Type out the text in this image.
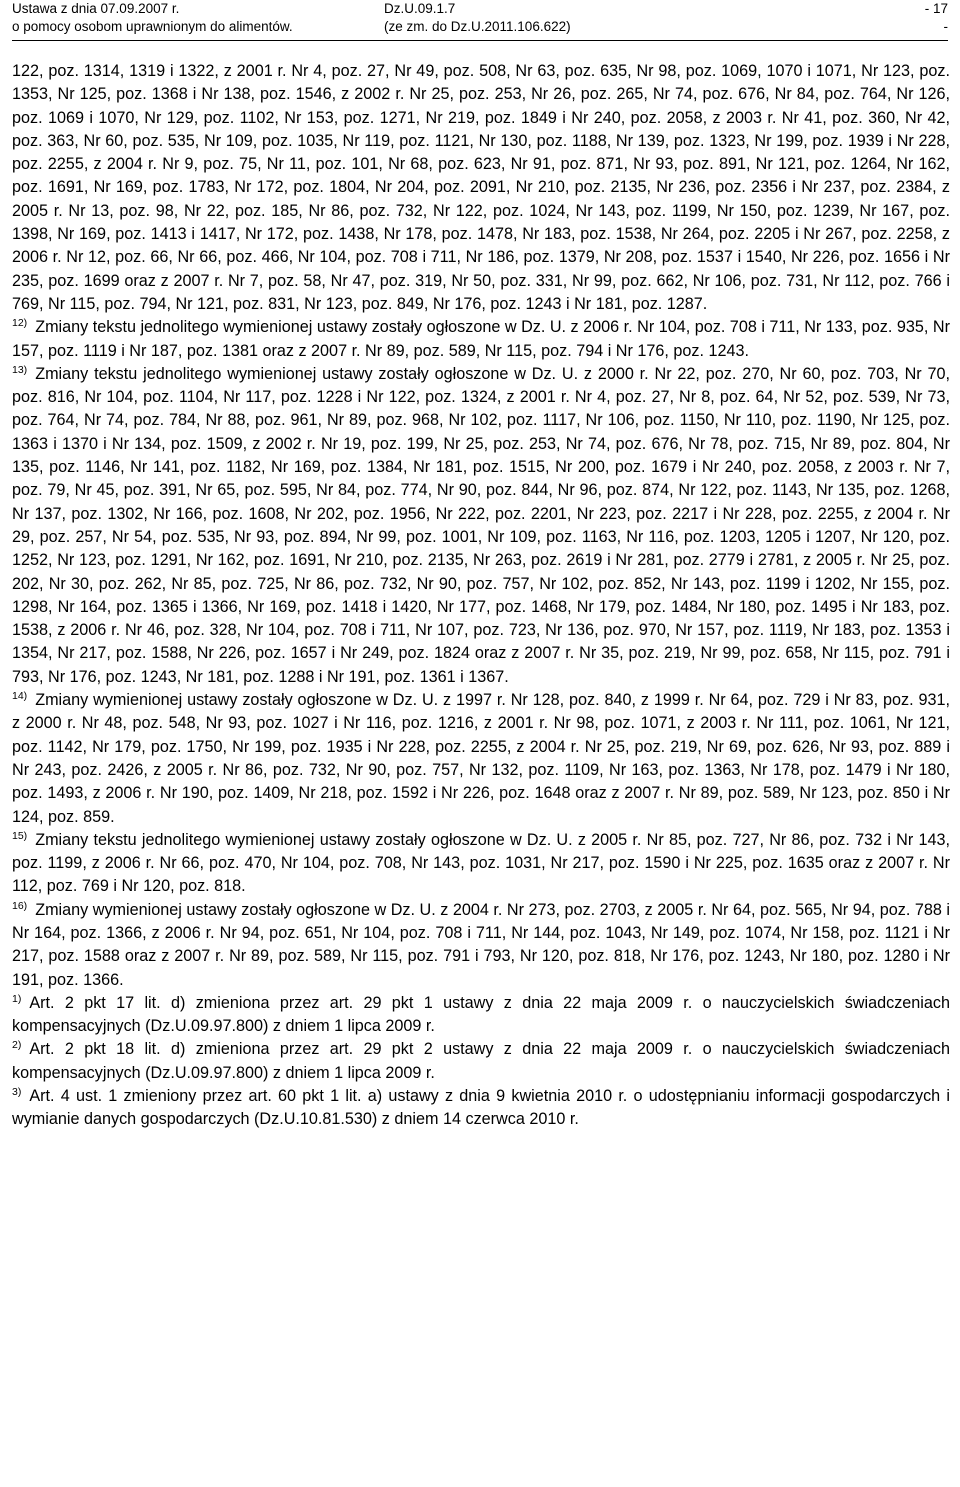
Ustawa z dnia 07.09.2007 r.
o pomocy osobom uprawnionym do alimentów.
Dz.U.09.1.7
(ze zm. do Dz.U.2011.106.622)
- 17
-

122, poz. 1314, 1319 i 1322, z 2001 r. Nr 4, poz. 27, Nr 49, poz. 508, Nr 63, poz. 635, Nr 98, poz. 1069, 1070 i 1071, Nr 123, poz. 1353, Nr 125, poz. 1368 i Nr 138, poz. 1546, z 2002 r. Nr 25, poz. 253, Nr 26, poz. 265, Nr 74, poz. 676, Nr 84, poz. 764, Nr 126, poz. 1069 i 1070, Nr 129, poz. 1102, Nr 153, poz. 1271, Nr 219, poz. 1849 i Nr 240, poz. 2058, z 2003 r. Nr 41, poz. 360, Nr 42, poz. 363, Nr 60, poz. 535, Nr 109, poz. 1035, Nr 119, poz. 1121, Nr 130, poz. 1188, Nr 139, poz. 1323, Nr 199, poz. 1939 i Nr 228, poz. 2255, z 2004 r. Nr 9, poz. 75, Nr 11, poz. 101, Nr 68, poz. 623, Nr 91, poz. 871, Nr 93, poz. 891, Nr 121, poz. 1264, Nr 162, poz. 1691, Nr 169, poz. 1783, Nr 172, poz. 1804, Nr 204, poz. 2091, Nr 210, poz. 2135, Nr 236, poz. 2356 i Nr 237, poz. 2384, z 2005 r. Nr 13, poz. 98, Nr 22, poz. 185, Nr 86, poz. 732, Nr 122, poz. 1024, Nr 143, poz. 1199, Nr 150, poz. 1239, Nr 167, poz. 1398, Nr 169, poz. 1413 i 1417, Nr 172, poz. 1438, Nr 178, poz. 1478, Nr 183, poz. 1538, Nr 264, poz. 2205 i Nr 267, poz. 2258, z 2006 r. Nr 12, poz. 66, Nr 66, poz. 466, Nr 104, poz. 708 i 711, Nr 186, poz. 1379, Nr 208, poz. 1537 i 1540, Nr 226, poz. 1656 i Nr 235, poz. 1699 oraz z 2007 r. Nr 7, poz. 58, Nr 47, poz. 319, Nr 50, poz. 331, Nr 99, poz. 662, Nr 106, poz. 731, Nr 112, poz. 766 i 769, Nr 115, poz. 794, Nr 121, poz. 831, Nr 123, poz. 849, Nr 176, poz. 1243 i Nr 181, poz. 1287.

$^{12)}$ Zmiany tekstu jednolitego wymienionej ustawy zostały ogłoszone w Dz. U. z 2006 r. Nr 104, poz. 708 i 711, Nr 133, poz. 935, Nr 157, poz. 1119 i Nr 187, poz. 1381 oraz z 2007 r. Nr 89, poz. 589, Nr 115, poz. 794 i Nr 176, poz. 1243.

$^{13)}$ Zmiany tekstu jednolitego wymienionej ustawy zostały ogłoszone w Dz. U. z 2000 r. Nr 22, poz. 270, Nr 60, poz. 703, Nr 70, poz. 816, Nr 104, poz. 1104, Nr 117, poz. 1228 i Nr 122, poz. 1324, z 2001 r. Nr 4, poz. 27, Nr 8, poz. 64, Nr 52, poz. 539, Nr 73, poz. 764, Nr 74, poz. 784, Nr 88, poz. 961, Nr 89, poz. 968, Nr 102, poz. 1117, Nr 106, poz. 1150, Nr 110, poz. 1190, Nr 125, poz. 1363 i 1370 i Nr 134, poz. 1509, z 2002 r. Nr 19, poz. 199, Nr 25, poz. 253, Nr 74, poz. 676, Nr 78, poz. 715, Nr 89, poz. 804, Nr 135, poz. 1146, Nr 141, poz. 1182, Nr 169, poz. 1384, Nr 181, poz. 1515, Nr 200, poz. 1679 i Nr 240, poz. 2058, z 2003 r. Nr 7, poz. 79, Nr 45, poz. 391, Nr 65, poz. 595, Nr 84, poz. 774, Nr 90, poz. 844, Nr 96, poz. 874, Nr 122, poz. 1143, Nr 135, poz. 1268, Nr 137, poz. 1302, Nr 166, poz. 1608, Nr 202, poz. 1956, Nr 222, poz. 2201, Nr 223, poz. 2217 i Nr 228, poz. 2255, z 2004 r. Nr 29, poz. 257, Nr 54, poz. 535, Nr 93, poz. 894, Nr 99, poz. 1001, Nr 109, poz. 1163, Nr 116, poz. 1203, 1205 i 1207, Nr 120, poz. 1252, Nr 123, poz. 1291, Nr 162, poz. 1691, Nr 210, poz. 2135, Nr 263, poz. 2619 i Nr 281, poz. 2779 i 2781, z 2005 r. Nr 25, poz. 202, Nr 30, poz. 262, Nr 85, poz. 725, Nr 86, poz. 732, Nr 90, poz. 757, Nr 102, poz. 852, Nr 143, poz. 1199 i 1202, Nr 155, poz. 1298, Nr 164, poz. 1365 i 1366, Nr 169, poz. 1418 i 1420, Nr 177, poz. 1468, Nr 179, poz. 1484, Nr 180, poz. 1495 i Nr 183, poz. 1538, z 2006 r. Nr 46, poz. 328, Nr 104, poz. 708 i 711, Nr 107, poz. 723, Nr 136, poz. 970, Nr 157, poz. 1119, Nr 183, poz. 1353 i 1354, Nr 217, poz. 1588, Nr 226, poz. 1657 i Nr 249, poz. 1824 oraz z 2007 r. Nr 35, poz. 219, Nr 99, poz. 658, Nr 115, poz. 791 i 793, Nr 176, poz. 1243, Nr 181, poz. 1288 i Nr 191, poz. 1361 i 1367.

$^{14)}$ Zmiany wymienionej ustawy zostały ogłoszone w Dz. U. z 1997 r. Nr 128, poz. 840, z 1999 r. Nr 64, poz. 729 i Nr 83, poz. 931, z 2000 r. Nr 48, poz. 548, Nr 93, poz. 1027 i Nr 116, poz. 1216, z 2001 r. Nr 98, poz. 1071, z 2003 r. Nr 111, poz. 1061, Nr 121, poz. 1142, Nr 179, poz. 1750, Nr 199, poz. 1935 i Nr 228, poz. 2255, z 2004 r. Nr 25, poz. 219, Nr 69, poz. 626, Nr 93, poz. 889 i Nr 243, poz. 2426, z 2005 r. Nr 86, poz. 732, Nr 90, poz. 757, Nr 132, poz. 1109, Nr 163, poz. 1363, Nr 178, poz. 1479 i Nr 180, poz. 1493, z 2006 r. Nr 190, poz. 1409, Nr 218, poz. 1592 i Nr 226, poz. 1648 oraz z 2007 r. Nr 89, poz. 589, Nr 123, poz. 850 i Nr 124, poz. 859.

$^{15)}$ Zmiany tekstu jednolitego wymienionej ustawy zostały ogłoszone w Dz. U. z 2005 r. Nr 85, poz. 727, Nr 86, poz. 732 i Nr 143, poz. 1199, z 2006 r. Nr 66, poz. 470, Nr 104, poz. 708, Nr 143, poz. 1031, Nr 217, poz. 1590 i Nr 225, poz. 1635 oraz z 2007 r. Nr 112, poz. 769 i Nr 120, poz. 818.

$^{16)}$ Zmiany wymienionej ustawy zostały ogłoszone w Dz. U. z 2004 r. Nr 273, poz. 2703, z 2005 r. Nr 64, poz. 565, Nr 94, poz. 788 i Nr 164, poz. 1366, z 2006 r. Nr 94, poz. 651, Nr 104, poz. 708 i 711, Nr 144, poz. 1043, Nr 149, poz. 1074, Nr 158, poz. 1121 i Nr 217, poz. 1588 oraz z 2007 r. Nr 89, poz. 589, Nr 115, poz. 791 i 793, Nr 120, poz. 818, Nr 176, poz. 1243, Nr 180, poz. 1280 i Nr 191, poz. 1366.

$^{1)}$ Art. 2 pkt 17 lit. d) zmieniona przez art. 29 pkt 1 ustawy z dnia 22 maja 2009 r. o nauczycielskich świadczeniach kompensacyjnych (Dz.U.09.97.800) z dniem 1 lipca 2009 r.

$^{2)}$ Art. 2 pkt 18 lit. d) zmieniona przez art. 29 pkt 2 ustawy z dnia 22 maja 2009 r. o nauczycielskich świadczeniach kompensacyjnych (Dz.U.09.97.800) z dniem 1 lipca 2009 r.

$^{3)}$ Art. 4 ust. 1 zmieniony przez art. 60 pkt 1 lit. a) ustawy z dnia 9 kwietnia 2010 r. o udostępnianiu informacji gospodarczych i wymianie danych gospodarczych (Dz.U.10.81.530) z dniem 14 czerwca 2010 r.
